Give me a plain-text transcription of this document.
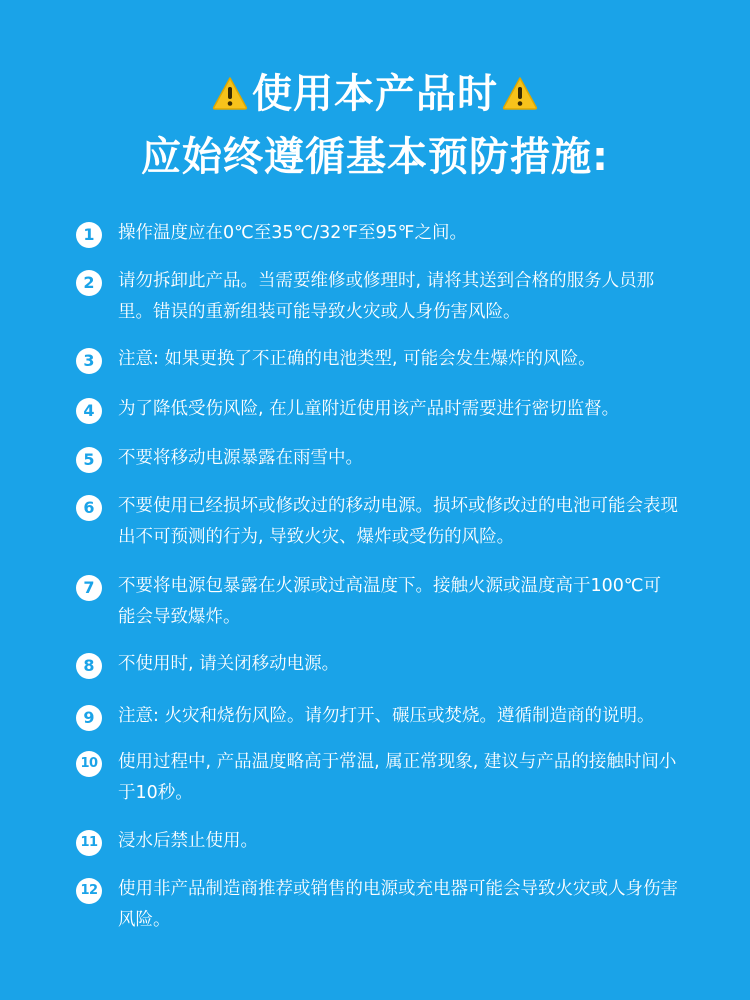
使用本产品时
应始终遵循基本预防措施:
1	操作温度应在0℃至35℃/32℉至95℉之间。
2	请勿拆卸此产品。当需要维修或修理时, 请将其送到合格的服务人员那里。错误的重新组装可能导致火灾或人身伤害风险。
3	注意: 如果更换了不正确的电池类型, 可能会发生爆炸的风险。
4	为了降低受伤风险, 在儿童附近使用该产品时需要进行密切监督。
5	不要将移动电源暴露在雨雪中。
6	不要使用已经损坏或修改过的移动电源。损坏或修改过的电池可能会表现出不可预测的行为, 导致火灾、爆炸或受伤的风险。
7	不要将电源包暴露在火源或过高温度下。接触火源或温度高于100℃可能会导致爆炸。
8	不使用时, 请关闭移动电源。
9	注意: 火灾和烧伤风险。请勿打开、碾压或焚烧。遵循制造商的说明。
10 使用过程中, 产品温度略高于常温, 属正常现象, 建议与产品的接触时间小于10秒。
11 浸水后禁止使用。
12 使用非产品制造商推荐或销售的电源或充电器可能会导致火灾或人身伤害风险。
